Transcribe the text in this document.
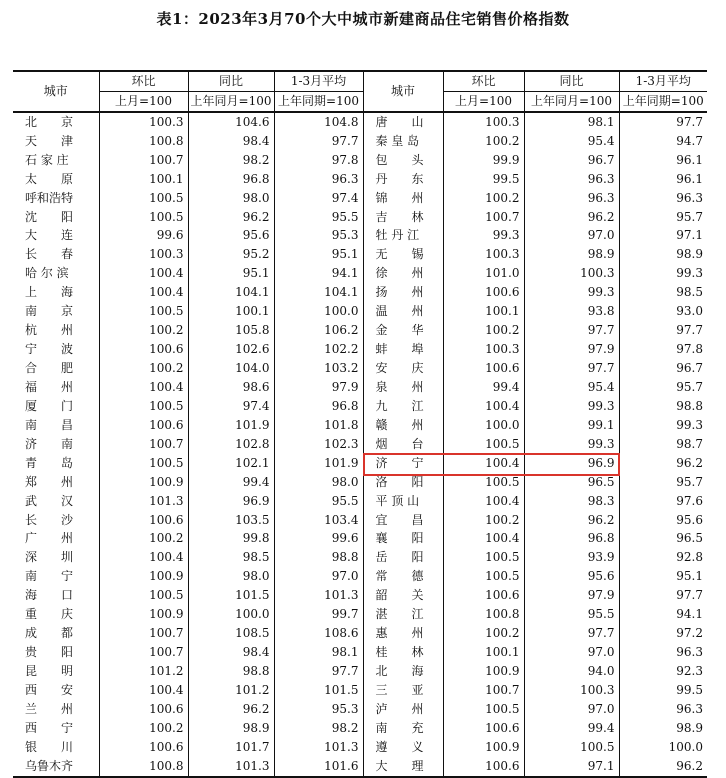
表1：2023年3月70个大中城市新建商品住宅销售价格指数
城市	环比	同比	1-3月平均	城市	环比	同比	1-3月平均
	上月=100	上年同月=100	上年同期=100		上月=100	上年同月=100	上年同期=100
北　　京	100.3	104.6	104.8	唐　　山	100.3	98.1	97.7
天　　津	100.8	98.4	97.7	秦 皇 岛	100.2	95.4	94.7
石 家 庄	100.7	98.2	97.8	包　　头	99.9	96.7	96.1
太　　原	100.1	96.8	96.3	丹　　东	99.5	96.3	96.1
呼和浩特	100.5	98.0	97.4	锦　　州	100.2	96.3	96.3
沈　　阳	100.5	96.2	95.5	吉　　林	100.7	96.2	95.7
大　　连	99.6	95.6	95.3	牡 丹 江	99.3	97.0	97.1
长　　春	100.3	95.2	95.1	无　　锡	100.3	98.9	98.9
哈 尔 滨	100.4	95.1	94.1	徐　　州	101.0	100.3	99.3
上　　海	100.4	104.1	104.1	扬　　州	100.6	99.3	98.5
南　　京	100.5	100.1	100.0	温　　州	100.1	93.8	93.0
杭　　州	100.2	105.8	106.2	金　　华	100.2	97.7	97.7
宁　　波	100.6	102.6	102.2	蚌　　埠	100.3	97.9	97.8
合　　肥	100.2	104.0	103.2	安　　庆	100.6	97.7	96.7
福　　州	100.4	98.6	97.9	泉　　州	99.4	95.4	95.7
厦　　门	100.5	97.4	96.8	九　　江	100.4	99.3	98.8
南　　昌	100.6	101.9	101.8	赣　　州	100.0	99.1	99.3
济　　南	100.7	102.8	102.3	烟　　台	100.5	99.3	98.7
青　　岛	100.5	102.1	101.9	济　　宁	100.4	96.9	96.2
郑　　州	100.9	99.4	98.0	洛　　阳	100.5	96.5	95.7
武　　汉	101.3	96.9	95.5	平 顶 山	100.4	98.3	97.6
长　　沙	100.6	103.5	103.4	宜　　昌	100.2	96.2	95.6
广　　州	100.2	99.8	99.6	襄　　阳	100.4	96.8	96.5
深　　圳	100.4	98.5	98.8	岳　　阳	100.5	93.9	92.8
南　　宁	100.9	98.0	97.0	常　　德	100.5	95.6	95.1
海　　口	100.5	101.5	101.3	韶　　关	100.6	97.9	97.7
重　　庆	100.9	100.0	99.7	湛　　江	100.8	95.5	94.1
成　　都	100.7	108.5	108.6	惠　　州	100.2	97.7	97.2
贵　　阳	100.7	98.4	98.1	桂　　林	100.1	97.0	96.3
昆　　明	101.2	98.8	97.7	北　　海	100.9	94.0	92.3
西　　安	100.4	101.2	101.5	三　　亚	100.7	100.3	99.5
兰　　州	100.6	96.2	95.3	泸　　州	100.5	97.0	96.3
西　　宁	100.2	98.9	98.2	南　　充	100.6	99.4	98.9
银　　川	100.6	101.7	101.3	遵　　义	100.9	100.5	100.0
乌鲁木齐	100.8	101.3	101.6	大　　理	100.6	97.1	96.2
